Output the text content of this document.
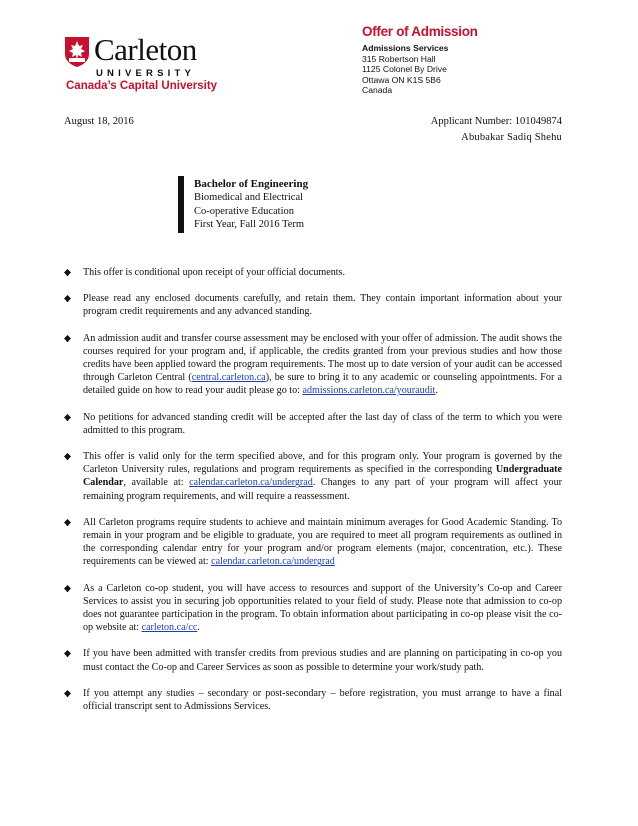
Carleton
UNIVERSITY
Canada’s Capital University
Offer of Admission
Admissions Services
315 Robertson Hall
1125 Colonel By Drive
Ottawa ON K1S 5B6
Canada
August 18, 2016	Applicant Number: 101049874
Abubakar Sadiq Shehu
Bachelor of Engineering
Biomedical and Electrical
Co-operative Education
First Year, Fall 2016 Term
This offer is conditional upon receipt of your official documents.
Please read any enclosed documents carefully, and retain them. They contain important information about your program credit requirements and any advanced standing.
An admission audit and transfer course assessment may be enclosed with your offer of admission. The audit shows the courses required for your program and, if applicable, the credits granted from your previous studies and how those credits have been applied toward the program requirements. The most up to date version of your audit can be accessed through Carleton Central (central.carleton.ca), be sure to bring it to any academic or counseling appointments. For a detailed guide on how to read your audit please go to: admissions.carleton.ca/youraudit.
No petitions for advanced standing credit will be accepted after the last day of class of the term to which you were admitted to this program.
This offer is valid only for the term specified above, and for this program only. Your program is governed by the Carleton University rules, regulations and program requirements as specified in the corresponding Undergraduate Calendar, available at: calendar.carleton.ca/undergrad. Changes to any part of your program will affect your remaining program requirements, and will require a reassessment.
All Carleton programs require students to achieve and maintain minimum averages for Good Academic Standing. To remain in your program and be eligible to graduate, you are required to meet all program requirements as outlined in the corresponding calendar entry for your program and/or program elements (major, concentration, etc.). These requirements can be viewed at: calendar.carleton.ca/undergrad
As a Carleton co-op student, you will have access to resources and support of the University’s Co-op and Career Services to assist you in securing job opportunities related to your field of study. Please note that admission to co-op does not guarantee participation in the program. To obtain information about participating in co-op please visit the co-op website at: carleton.ca/cc.
If you have been admitted with transfer credits from previous studies and are planning on participating in co-op you must contact the Co-op and Career Services as soon as possible to determine your work/study path.
If you attempt any studies – secondary or post-secondary – before registration, you must arrange to have a final official transcript sent to Admissions Services.
